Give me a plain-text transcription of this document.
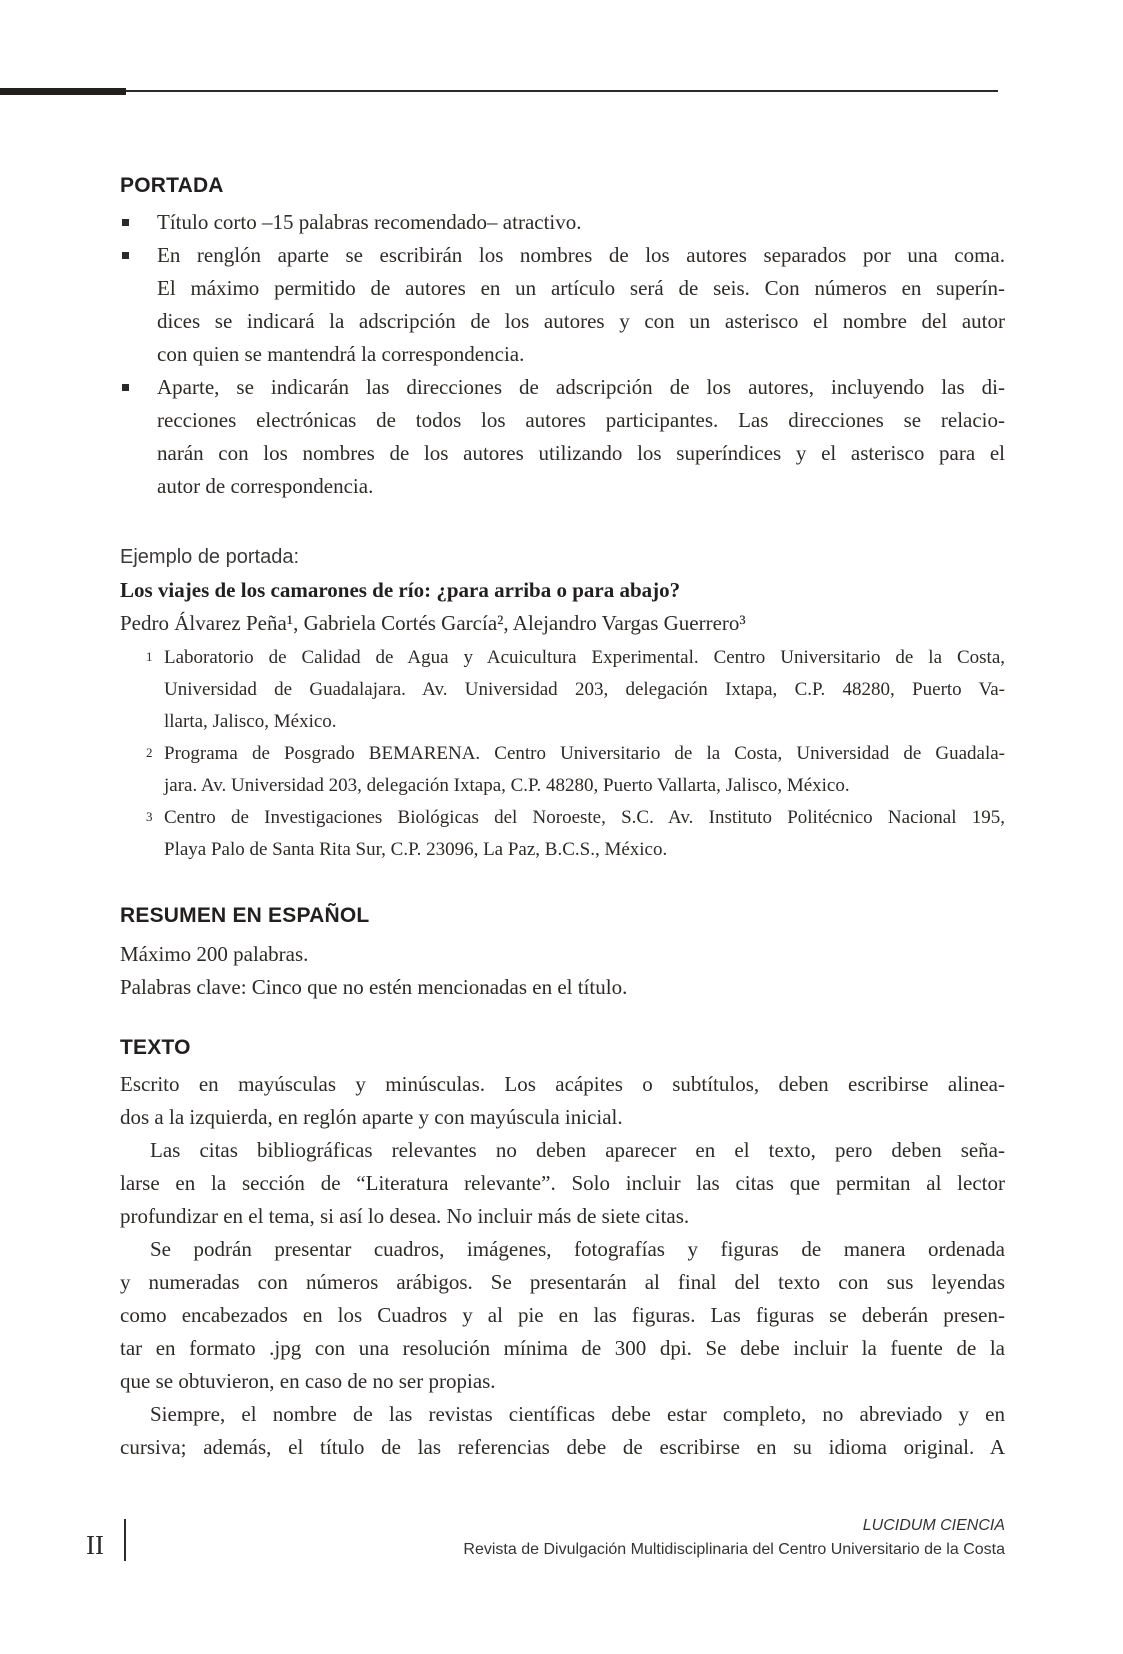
PORTADA
Título corto –15 palabras recomendado– atractivo.
En renglón aparte se escribirán los nombres de los autores separados por una coma.
El máximo permitido de autores en un artículo será de seis. Con números en superín-
dices se indicará la adscripción de los autores y con un asterisco el nombre del autor
con quien se mantendrá la correspondencia.
Aparte, se indicarán las direcciones de adscripción de los autores, incluyendo las di-
recciones electrónicas de todos los autores participantes. Las direcciones se relacio-
narán con los nombres de los autores utilizando los superíndices y el asterisco para el
autor de correspondencia.
Ejemplo de portada:
Los viajes de los camarones de río: ¿para arriba o para abajo?
Pedro Álvarez Peña¹, Gabriela Cortés García², Alejandro Vargas Guerrero³
1 Laboratorio de Calidad de Agua y Acuicultura Experimental. Centro Universitario de la Costa,
Universidad de Guadalajara. Av. Universidad 203, delegación Ixtapa, C.P. 48280, Puerto Va-
llarta, Jalisco, México.
2 Programa de Posgrado BEMARENA. Centro Universitario de la Costa, Universidad de Guadala-
jara. Av. Universidad 203, delegación Ixtapa, C.P. 48280, Puerto Vallarta, Jalisco, México.
3 Centro de Investigaciones Biológicas del Noroeste, S.C. Av. Instituto Politécnico Nacional 195,
Playa Palo de Santa Rita Sur, C.P. 23096, La Paz, B.C.S., México.
RESUMEN EN ESPAÑOL
Máximo 200 palabras.
Palabras clave: Cinco que no estén mencionadas en el título.
TEXTO
Escrito en mayúsculas y minúsculas. Los acápites o subtítulos, deben escribirse alinea-
dos a la izquierda, en reglón aparte y con mayúscula inicial.
Las citas bibliográficas relevantes no deben aparecer en el texto, pero deben seña-
larse en la sección de “Literatura relevante”. Solo incluir las citas que permitan al lector
profundizar en el tema, si así lo desea. No incluir más de siete citas.
Se podrán presentar cuadros, imágenes, fotografías y figuras de manera ordenada
y numeradas con números arábigos. Se presentarán al final del texto con sus leyendas
como encabezados en los Cuadros y al pie en las figuras. Las figuras se deberán presen-
tar en formato .jpg con una resolución mínima de 300 dpi. Se debe incluir la fuente de la
que se obtuvieron, en caso de no ser propias.
Siempre, el nombre de las revistas científicas debe estar completo, no abreviado y en
cursiva; además, el título de las referencias debe de escribirse en su idioma original. A
II
LUCIDUM CIENCIA
Revista de Divulgación Multidisciplinaria del Centro Universitario de la Costa
